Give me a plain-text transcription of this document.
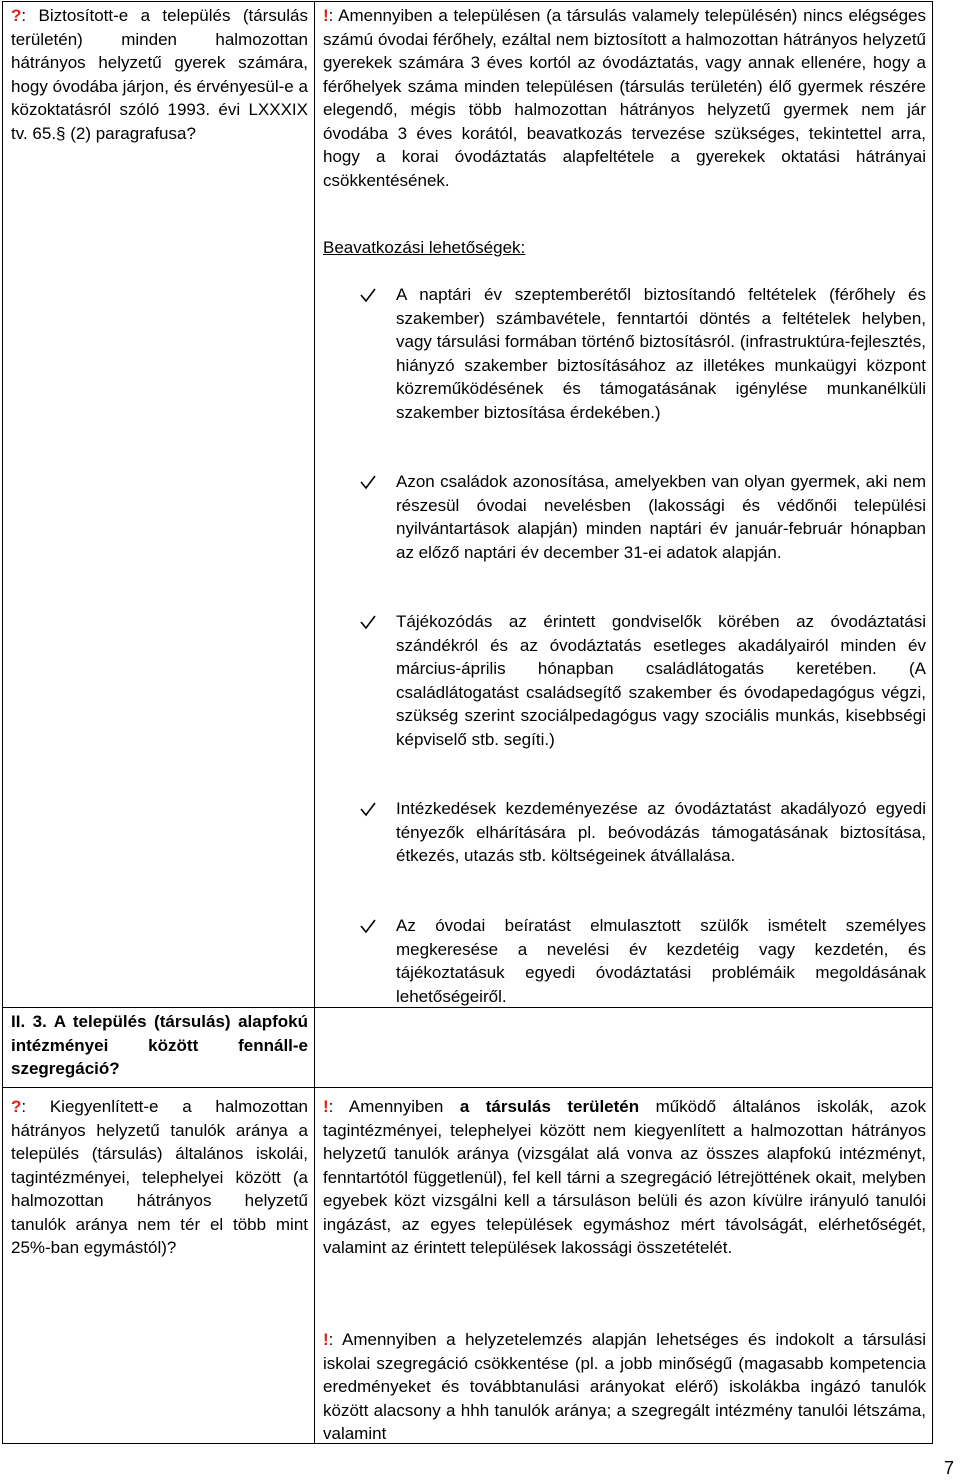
?: Biztosított-e a település (társulás területén) minden halmozottan hátrányos helyzetű gyerek számára, hogy óvodába járjon, és érvényesül-e a közoktatásról szóló 1993. évi LXXXIX tv. 65.§ (2) paragrafusa?

!: Amennyiben a településen (a társulás valamely településén) nincs elégséges számú óvodai férőhely, ezáltal nem biztosított a halmozottan hátrányos helyzetű gyerekek számára 3 éves kortól az óvodáztatás, vagy annak ellenére, hogy a férőhelyek száma minden településen (társulás területén) élő gyermek részére elegendő, mégis több halmozottan hátrányos helyzetű gyermek nem jár óvodába 3 éves korától, beavatkozás tervezése szükséges, tekintettel arra, hogy a korai óvodáztatás alapfeltétele a gyerekek oktatási hátrányai csökkentésének.

Beavatkozási lehetőségek:
A naptári év szeptemberétől biztosítandó feltételek (férőhely és szakember) számbavétele, fenntartói döntés a feltételek helyben, vagy társulási formában történő biztosításról. (infrastruktúra-fejlesztés, hiányzó szakember biztosításához az illetékes munkaügyi központ közreműködésének és támogatásának igénylése munkanélküli szakember biztosítása érdekében.)
Azon családok azonosítása, amelyekben van olyan gyermek, aki nem részesül óvodai nevelésben (lakossági és védőnői települési nyilvántartások alapján) minden naptári év január-február hónapban az előző naptári év december 31-ei adatok alapján.
Tájékozódás az érintett gondviselők körében az óvodáztatási szándékról és az óvodáztatás esetleges akadályairól minden év március-április hónapban családlátogatás keretében. (A családlátogatást családsegítő szakember és óvodapedagógus végzi, szükség szerint szociálpedagógus vagy szociális munkás, kisebbségi képviselő stb. segíti.)
Intézkedések kezdeményezése az óvodáztatást akadályozó egyedi tényezők elhárítására pl. beóvodázás támogatásának biztosítása, étkezés, utazás stb. költségeinek átvállalása.
Az óvodai beíratást elmulasztott szülők ismételt személyes megkeresése a nevelési év kezdetéig vagy kezdetén, és tájékoztatásuk egyedi óvodáztatási problémáik megoldásának lehetőségeiről.
II. 3. A település (társulás) alapfokú intézményei között fennáll-e szegregáció?

?: Kiegyenlített-e a halmozottan hátrányos helyzetű tanulók aránya a település (társulás) általános iskolái, tagintézményei, telephelyei között (a halmozottan hátrányos helyzetű tanulók aránya nem tér el több mint 25%-ban egymástól)?

!: Amennyiben a társulás területén működő általános iskolák, azok tagintézményei, telephelyei között nem kiegyenlített a halmozottan hátrányos helyzetű tanulók aránya (vizsgálat alá vonva az összes alapfokú intézményt, fenntartótól függetlenül), fel kell tárni a szegregáció létrejöttének okait, melyben egyebek közt vizsgálni kell a társuláson belüli és azon kívülre irányuló tanulói ingázást, az egyes települések egymáshoz mért távolságát, elérhetőségét, valamint az érintett települések lakossági összetételét.

!: Amennyiben a helyzetelemzés alapján lehetséges és indokolt a társulási iskolai szegregáció csökkentése (pl. a jobb minőségű (magasabb kompetencia eredményeket és továbbtanulási arányokat elérő) iskolákba ingázó tanulók között alacsony a hhh tanulók aránya; a szegregált intézmény tanulói létszáma, valamint

7
